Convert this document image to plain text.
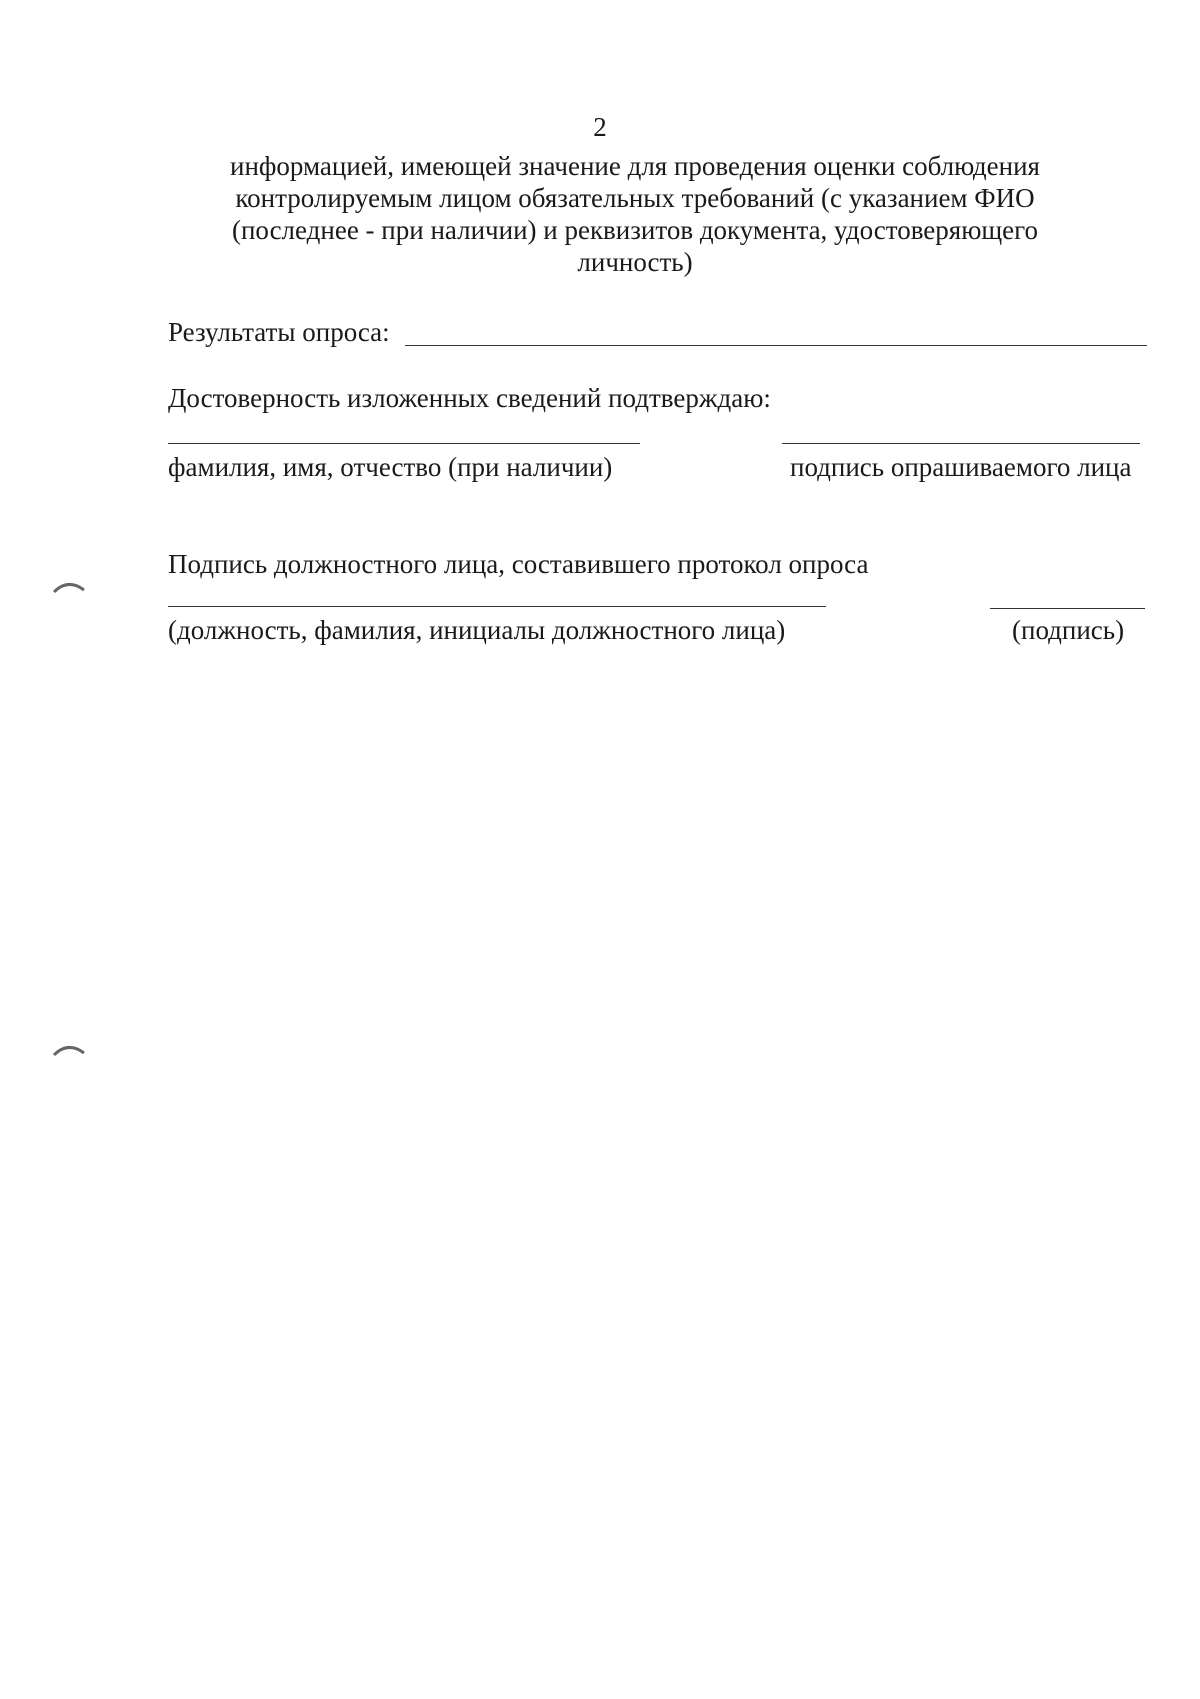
2
информацией, имеющей значение для проведения оценки соблюдения
контролируемым лицом обязательных требований (с указанием ФИО
(последнее - при наличии) и реквизитов документа, удостоверяющего
личность)
Результаты опроса:
Достоверность изложенных сведений подтверждаю:
фамилия, имя, отчество (при наличии)	подпись опрашиваемого лица
Подпись должностного лица, составившего протокол опроса
(должность, фамилия, инициалы должностного лица)	(подпись)
